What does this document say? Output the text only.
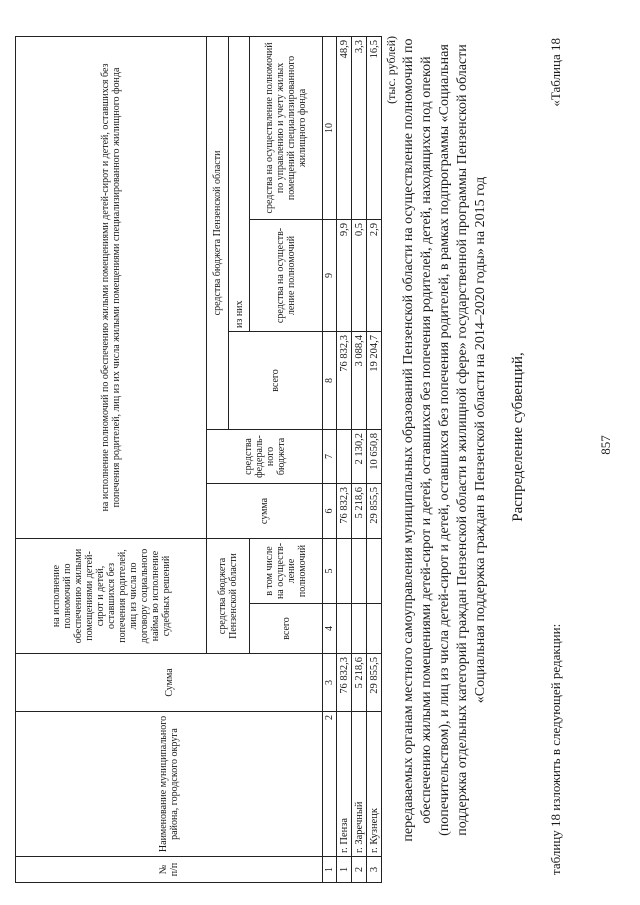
таблицу 18 изложить в следующей редакции:
857
«Таблица 18
Распределение субвенций,
передаваемых органам местного самоуправления муниципальных образований Пензенской области на осуществление полномочий по обеспечению жилыми помещениями детей-сирот и детей, оставшихся без попечения родителей, детей, находящихся под опекой (попечительством), и лиц из числа детей-сирот и детей, оставшихся без попечения родителей, в рамках подпрограммы «Социальная поддержка отдельных категорий граждан Пензенской области в жилищной сфере» государственной программы Пензенской области «Социальная поддержка граждан в Пензенской области на 2014–2020 годы» на 2015 год
(тыс. рублей)
№ п/п	Наименование муниципального района, городского округа	Сумма	на исполнение полномочий по обеспечению жилыми помещениями детей-сирот и детей, оставшихся без попечения родителей, лиц из числа по договору социального найма во исполнение судебных решений		на исполнение полномочий по обеспечению жилыми помещениями детей-сирот и детей, оставшихся без попечения родителей, лиц из их числа жилыми помещениями специализированного жилищного фонда				
			средства бюджета Пензенской области		сумма	средства федераль-ного бюджета	средства бюджета Пензенской области		
							всего	из них	
			всего	в том числе на осуществ-ление полномочий				средства на осуществ-ление полномочий	средства на осуществление полномочий по управлению и учету жилых помещений специализированного жилищного фонда
1	2	3	4	5	6	7	8	9	10
1	г. Пенза	76 832,3			76 832,3		76 832,3	9,9	48,9
2	г. Заречный	5 218,6			5 218,6	2 130,2	3 088,4	0,5	3,3
3	г. Кузнецк	29 855,5			29 855,5	10 650,8	19 204,7	2,9	16,5
